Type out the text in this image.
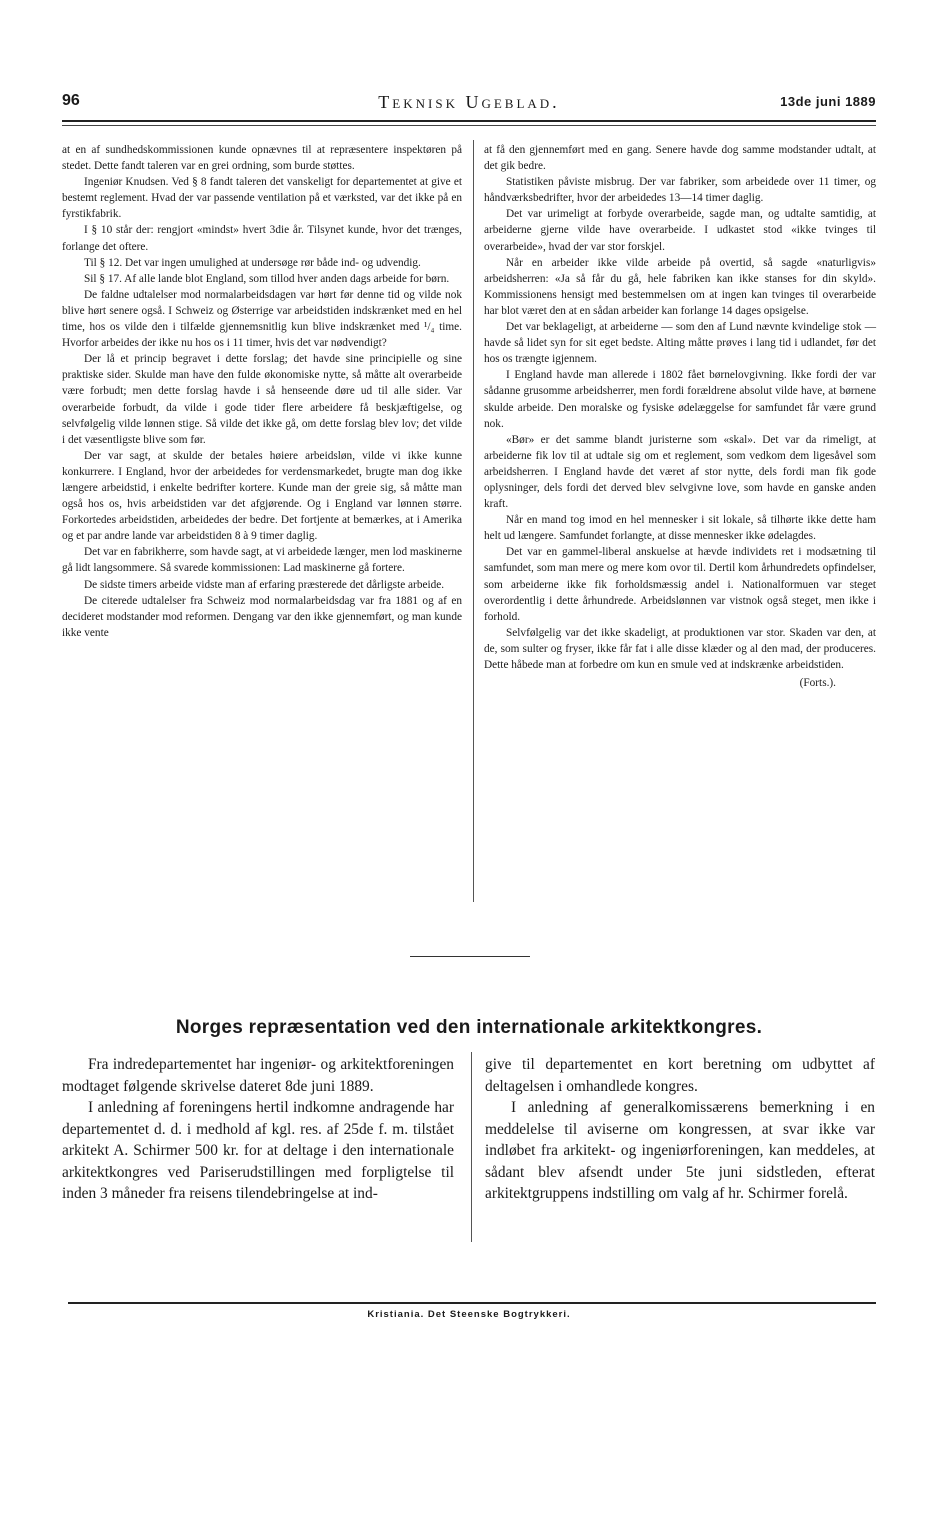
96	Teknisk Ugeblad.	13de juni 1889

at en af sundhedskommissionen kunde opnævnes til at repræsentere inspektøren på stedet. Dette fandt taleren var en grei ordning, som burde støttes.

Ingeniør Knudsen. Ved § 8 fandt taleren det vanskeligt for departementet at give et bestemt reglement. Hvad der var passende ventilation på et værksted, var det ikke på en fyrstikfabrik.

I § 10 står der: rengjort «mindst» hvert 3die år. Tilsynet kunde, hvor det trænges, forlange det oftere.

Til § 12. Det var ingen umulighed at undersøge rør både ind- og udvendig.

Sil § 17. Af alle lande blot England, som tillod hver anden dags arbeide for børn.

De faldne udtalelser mod normalarbeidsdagen var hørt før denne tid og vilde nok blive hørt senere også. I Schweiz og Østerrige var arbeidstiden indskrænket med en hel time, hos os vilde den i tilfælde gjennemsnitlig kun blive indskrænket med ¹/₄ time. Hvorfor arbeides der ikke nu hos os i 11 timer, hvis det var nødvendigt?

Der lå et princip begravet i dette forslag; det havde sine principielle og sine praktiske sider. Skulde man have den fulde økonomiske nytte, så måtte alt overarbeide være forbudt; men dette forslag havde i så henseende døre ud til alle sider. Var overarbeide forbudt, da vilde i gode tider flere arbeidere få beskjæftigelse, og selvfølgelig vilde lønnen stige. Så vilde det ikke gå, om dette forslag blev lov; det vilde i det væsentligste blive som før.

Der var sagt, at skulde der betales høiere arbeidsløn, vilde vi ikke kunne konkurrere. I England, hvor der arbeidedes for verdensmarkedet, brugte man dog ikke længere arbeidstid, i enkelte bedrifter kortere. Kunde man der greie sig, så måtte man også hos os, hvis arbeidstiden var det afgjørende. Og i England var lønnen større. Forkortedes arbeidstiden, arbeidedes der bedre. Det fortjente at bemærkes, at i Amerika og et par andre lande var arbeidstiden 8 à 9 timer daglig.

Det var en fabrikherre, som havde sagt, at vi arbeidede længer, men lod maskinerne gå lidt langsommere. Så svarede kommissionen: Lad maskinerne gå fortere.

De sidste timers arbeide vidste man af erfaring præsterede det dårligste arbeide.

De citerede udtalelser fra Schweiz mod normalarbeidsdag var fra 1881 og af en decideret modstander mod reformen. Dengang var den ikke gjennemført, og man kunde ikke vente

at få den gjennemført med en gang. Senere havde dog samme modstander udtalt, at det gik bedre.

Statistiken påviste misbrug. Der var fabriker, som arbeidede over 11 timer, og håndværksbedrifter, hvor der arbeidedes 13—14 timer daglig.

Det var urimeligt at forbyde overarbeide, sagde man, og udtalte samtidig, at arbeiderne gjerne vilde have overarbeide. I udkastet stod «ikke tvinges til overarbeide», hvad der var stor forskjel.

Når en arbeider ikke vilde arbeide på overtid, så sagde «naturligvis» arbeidsherren: «Ja så får du gå, hele fabriken kan ikke stanses for din skyld». Kommissionens hensigt med bestemmelsen om at ingen kan tvinges til overarbeide har blot været den at en sådan arbeider kan forlange 14 dages opsigelse.

Det var beklageligt, at arbeiderne — som den af Lund nævnte kvindelige stok — havde så lidet syn for sit eget bedste. Alting måtte prøves i lang tid i udlandet, før det hos os trængte igjennem.

I England havde man allerede i 1802 fået børnelovgivning. Ikke fordi der var sådanne grusomme arbeidsherrer, men fordi forældrene absolut vilde have, at børnene skulde arbeide. Den moralske og fysiske ødelæggelse for samfundet får være grund nok.

«Bør» er det samme blandt juristerne som «skal». Det var da rimeligt, at arbeiderne fik lov til at udtale sig om et reglement, som vedkom dem ligesåvel som arbeidsherren. I England havde det været af stor nytte, dels fordi man fik gode oplysninger, dels fordi det derved blev selvgivne love, som havde en ganske anden kraft.

Når en mand tog imod en hel mennesker i sit lokale, så tilhørte ikke dette ham helt ud længere. Samfundet forlangte, at disse mennesker ikke ødelagdes.

Det var en gammel-liberal anskuelse at hævde individets ret i modsætning til samfundet, som man mere og mere kom ovor til. Dertil kom århundredets opfindelser, som arbeiderne ikke fik forholdsmæssig andel i. Nationalformuen var steget overordentlig i dette århundrede. Arbeidslønnen var vistnok også steget, men ikke i forhold.

Selvfølgelig var det ikke skadeligt, at produktionen var stor. Skaden var den, at de, som sulter og fryser, ikke får fat i alle disse klæder og al den mad, der produceres. Dette håbede man at forbedre om kun en smule ved at indskrænke arbeidstiden.

(Forts.).
Norges repræsentation ved den internationale arkitektkongres.

Fra indredepartementet har ingeniør- og arkitektforeningen modtaget følgende skrivelse dateret 8de juni 1889.

I anledning af foreningens hertil indkomne andragende har departementet d. d. i medhold af kgl. res. af 25de f. m. tilstået arkitekt A. Schirmer 500 kr. for at deltage i den internationale arkitektkongres ved Pariserudstillingen med forpligtelse til inden 3 måneder fra reisens tilendebringelse at ind-

give til departementet en kort beretning om udbyttet af deltagelsen i omhandlede kongres.

I anledning af generalkomissærens bemerkning i en meddelelse til aviserne om kongressen, at svar ikke var indløbet fra arkitekt- og ingeniørforeningen, kan meddeles, at sådant blev afsendt under 5te juni sidstleden, efterat arkitektgruppens indstilling om valg af hr. Schirmer forelå.

Kristiania. Det Steenske Bogtrykkeri.
